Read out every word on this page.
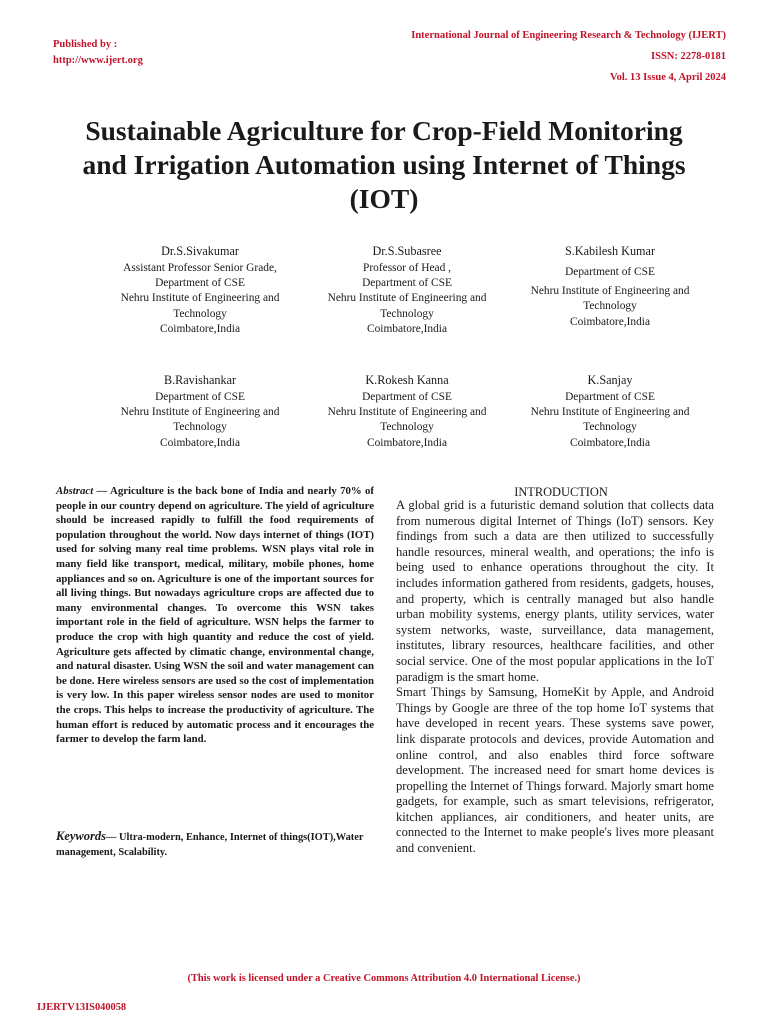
Published by :
http://www.ijert.org
International Journal of Engineering Research & Technology (IJERT)
ISSN: 2278-0181
Vol. 13 Issue 4, April 2024
Sustainable Agriculture for Crop-Field Monitoring and Irrigation Automation using Internet of Things (IOT)
Dr.S.Sivakumar
Assistant Professor Senior Grade,
Department of CSE
Nehru Institute of Engineering and
Technology
Coimbatore,India
Dr.S.Subasree
Professor of Head ,
Department of CSE
Nehru Institute of Engineering and
Technology
Coimbatore,India
S.Kabilesh Kumar
Department of CSE
Nehru Institute of Engineering and
Technology
Coimbatore,India
B.Ravishankar
Department of CSE
Nehru Institute of Engineering and
Technology
Coimbatore,India
K.Rokesh Kanna
Department of CSE
Nehru Institute of Engineering and
Technology
Coimbatore,India
K.Sanjay
Department of CSE
Nehru Institute of Engineering and
Technology
Coimbatore,India
Abstract — Agriculture is the back bone of India and nearly 70% of people in our country depend on agriculture. The yield of agriculture should be increased rapidly to fulfill the food requirements of population throughout the world. Now days internet of things (IOT) used for solving many real time problems. WSN plays vital role in many field like transport, medical, military, mobile phones, home appliances and so on. Agriculture is one of the important sources for all living things. But nowadays agriculture crops are affected due to many environmental changes. To overcome this WSN takes important role in the field of agriculture. WSN helps the farmer to produce the crop with high quantity and reduce the cost of yield. Agriculture gets affected by climatic change, environmental change, and natural disaster. Using WSN the soil and water management can be done. Here wireless sensors are used so the cost of implementation is very low. In this paper wireless sensor nodes are used to monitor the crops. This helps to increase the productivity of agriculture. The human effort is reduced by automatic process and it encourages the farmer to develop the farm land.
Keywords— Ultra-modern, Enhance, Internet of things(IOT),Water management, Scalability.
INTRODUCTION

A global grid is a futuristic demand solution that collects data from numerous digital Internet of Things (IoT) sensors. Key findings from such a data are then utilized to successfully handle resources, mineral wealth, and operations; the info is being used to enhance operations throughout the city. It includes information gathered from residents, gadgets, houses, and property, which is centrally managed but also handle urban mobility systems, energy plants, utility services, water system networks, waste, surveillance, data management, institutes, library resources, healthcare facilities, and other social service. One of the most popular applications in the IoT paradigm is the smart home.

Smart Things by Samsung, HomeKit by Apple, and Android Things by Google are three of the top home IoT systems that have developed in recent years. These systems save power, link disparate protocols and devices, provide Automation and online control, and also enables third force software development. The increased need for smart home devices is propelling the Internet of Things forward. Majorly smart home gadgets, for example, such as smart televisions, refrigerator, kitchen appliances, air conditioners, and heater units, are connected to the Internet to make people's lives more pleasant and convenient.

(This work is licensed under a Creative Commons Attribution 4.0 International License.)
IJERTV13IS040058
